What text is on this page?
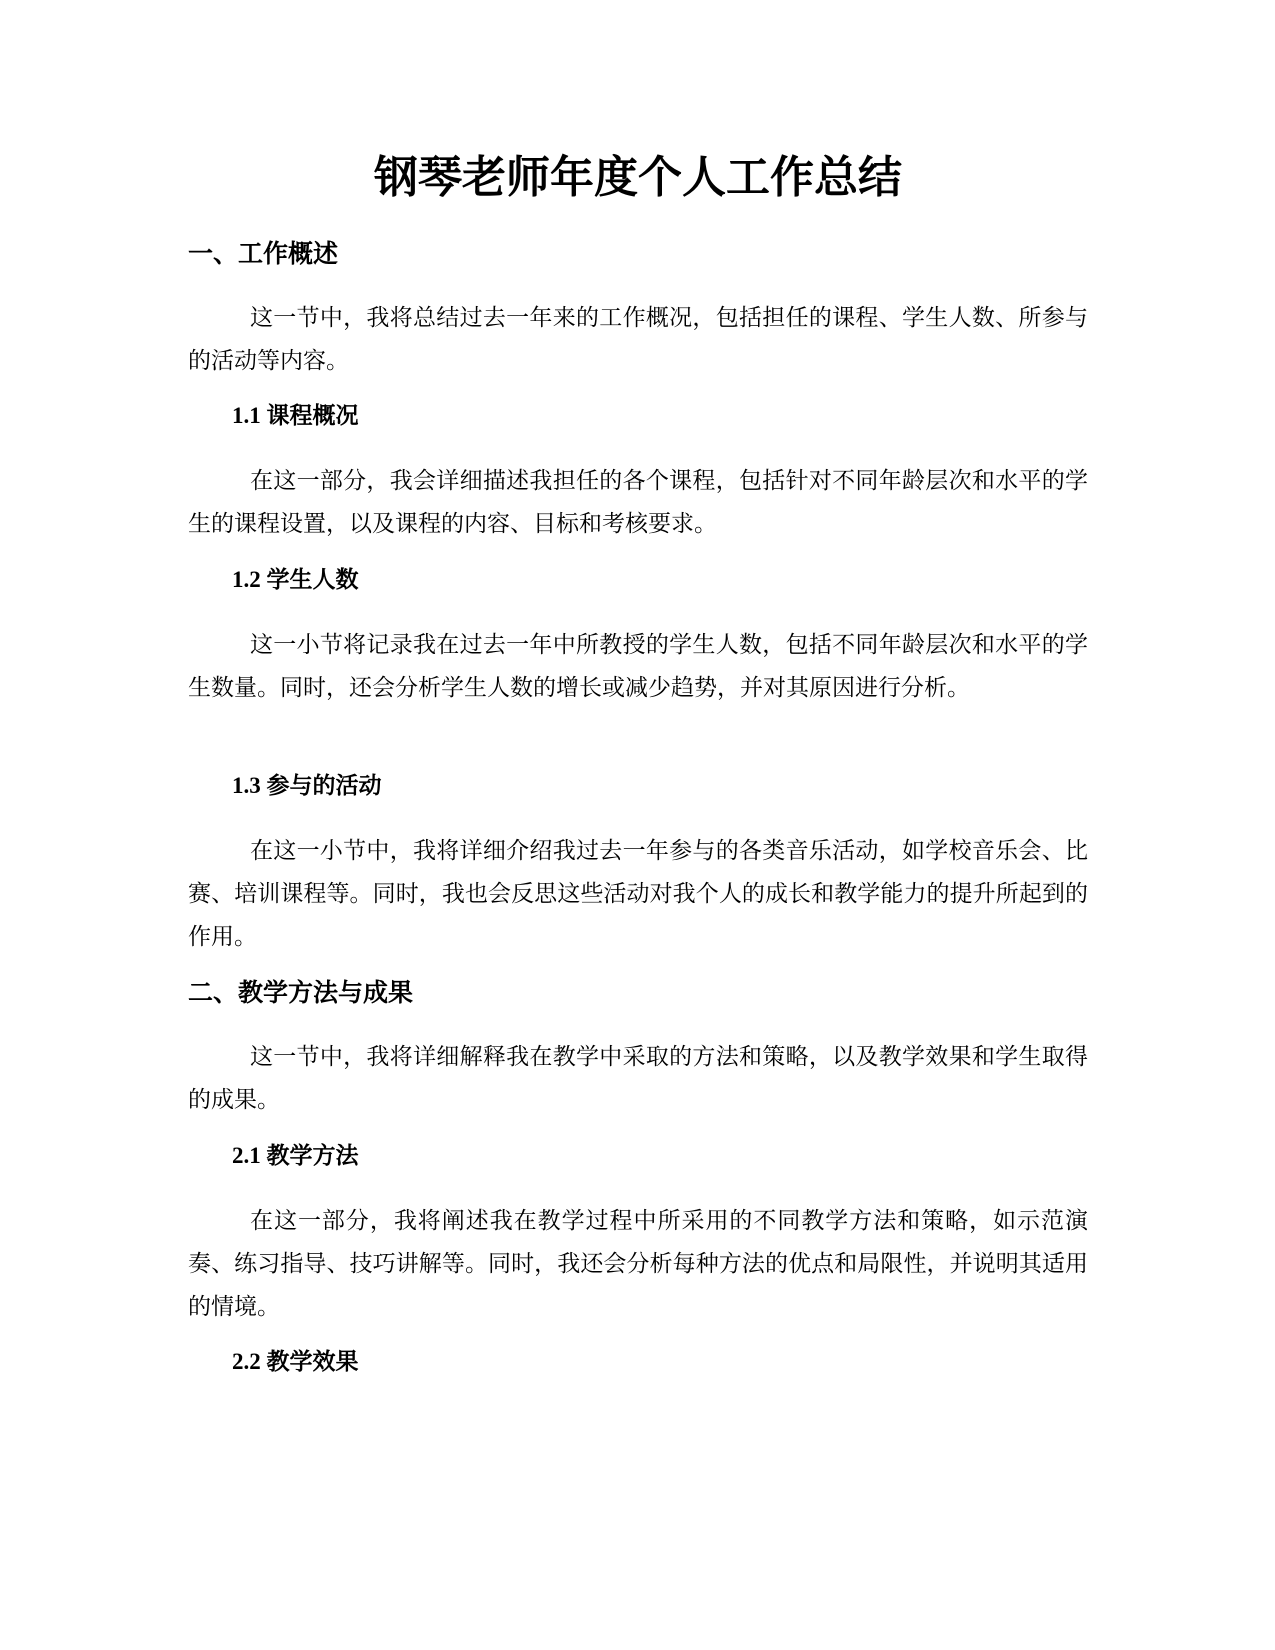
钢琴老师年度个人工作总结
一、工作概述

这一节中，我将总结过去一年来的工作概况，包括担任的课程、学生人数、所参与的活动等内容。

1.1 课程概况

在这一部分，我会详细描述我担任的各个课程，包括针对不同年龄层次和水平的学生的课程设置，以及课程的内容、目标和考核要求。

1.2 学生人数

这一小节将记录我在过去一年中所教授的学生人数，包括不同年龄层次和水平的学生数量。同时，还会分析学生人数的增长或减少趋势，并对其原因进行分析。

1.3 参与的活动

在这一小节中，我将详细介绍我过去一年参与的各类音乐活动，如学校音乐会、比赛、培训课程等。同时，我也会反思这些活动对我个人的成长和教学能力的提升所起到的作用。

二、教学方法与成果

这一节中，我将详细解释我在教学中采取的方法和策略，以及教学效果和学生取得的成果。

2.1 教学方法

在这一部分，我将阐述我在教学过程中所采用的不同教学方法和策略，如示范演奏、练习指导、技巧讲解等。同时，我还会分析每种方法的优点和局限性，并说明其适用的情境。

2.2 教学效果
